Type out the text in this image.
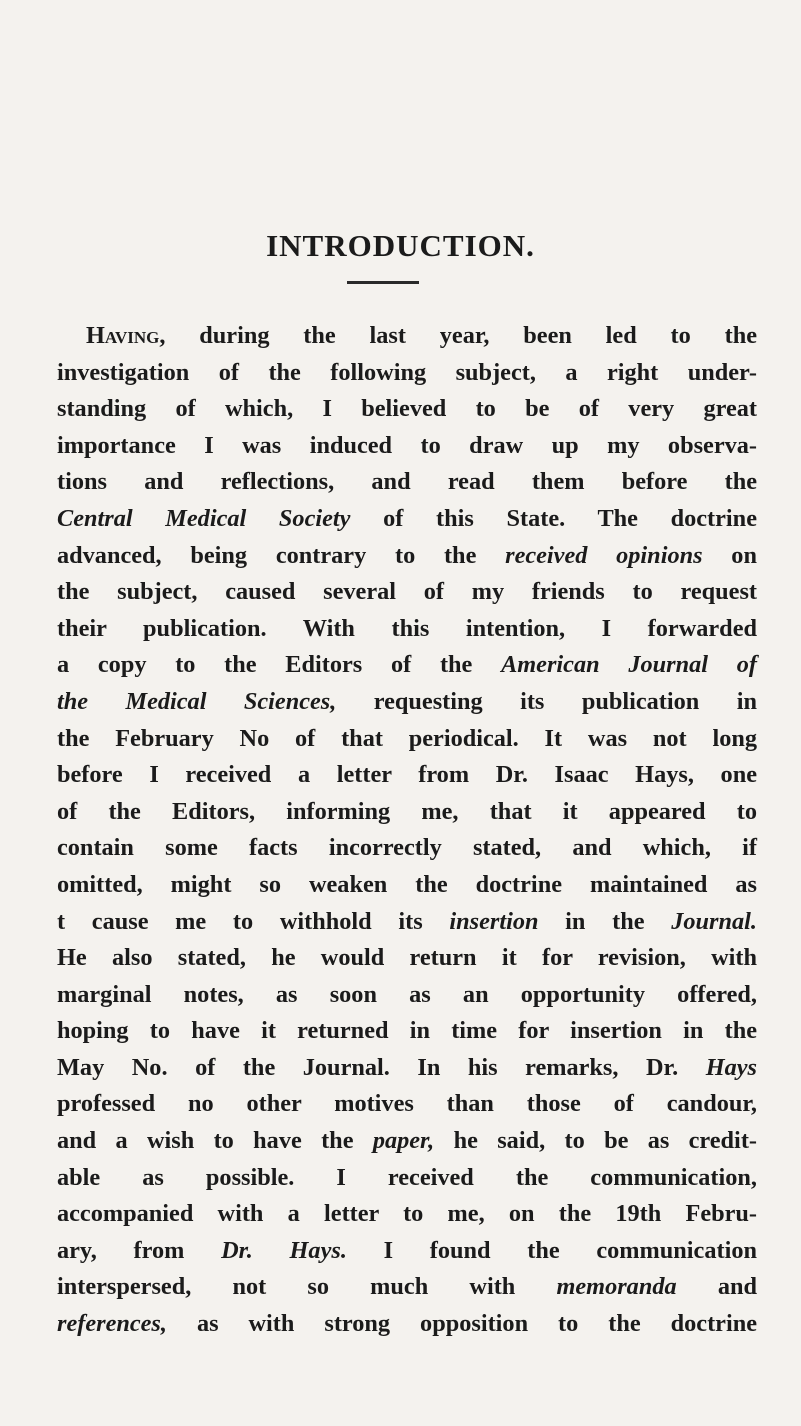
INTRODUCTION.
Having, during the last year, been led to the
investigation of the following subject, a right under-
standing of which, I believed to be of very great
importance I was induced to draw up my observa-
tions and reflections, and read them before the
Central Medical Society of this State. The doctrine
advanced, being contrary to the received opinions on
the subject, caused several of my friends to request
their publication. With this intention, I forwarded
a copy to the Editors of the American Journal of
the Medical Sciences, requesting its publication in
the February No of that periodical. It was not long
before I received a letter from Dr. Isaac Hays, one
of the Editors, informing me, that it appeared to
contain some facts incorrectly stated, and which, if
omitted, might so weaken the doctrine maintained as
t cause me to withhold its insertion in the Journal.
He also stated, he would return it for revision, with
marginal notes, as soon as an opportunity offered,
hoping to have it returned in time for insertion in the
May No. of the Journal. In his remarks, Dr. Hays
professed no other motives than those of candour,
and a wish to have the paper, he said, to be as credit-
able as possible. I received the communication,
accompanied with a letter to me, on the 19th Febru-
ary, from Dr. Hays. I found the communication
interspersed, not so much with memoranda and
references, as with strong opposition to the doctrine
